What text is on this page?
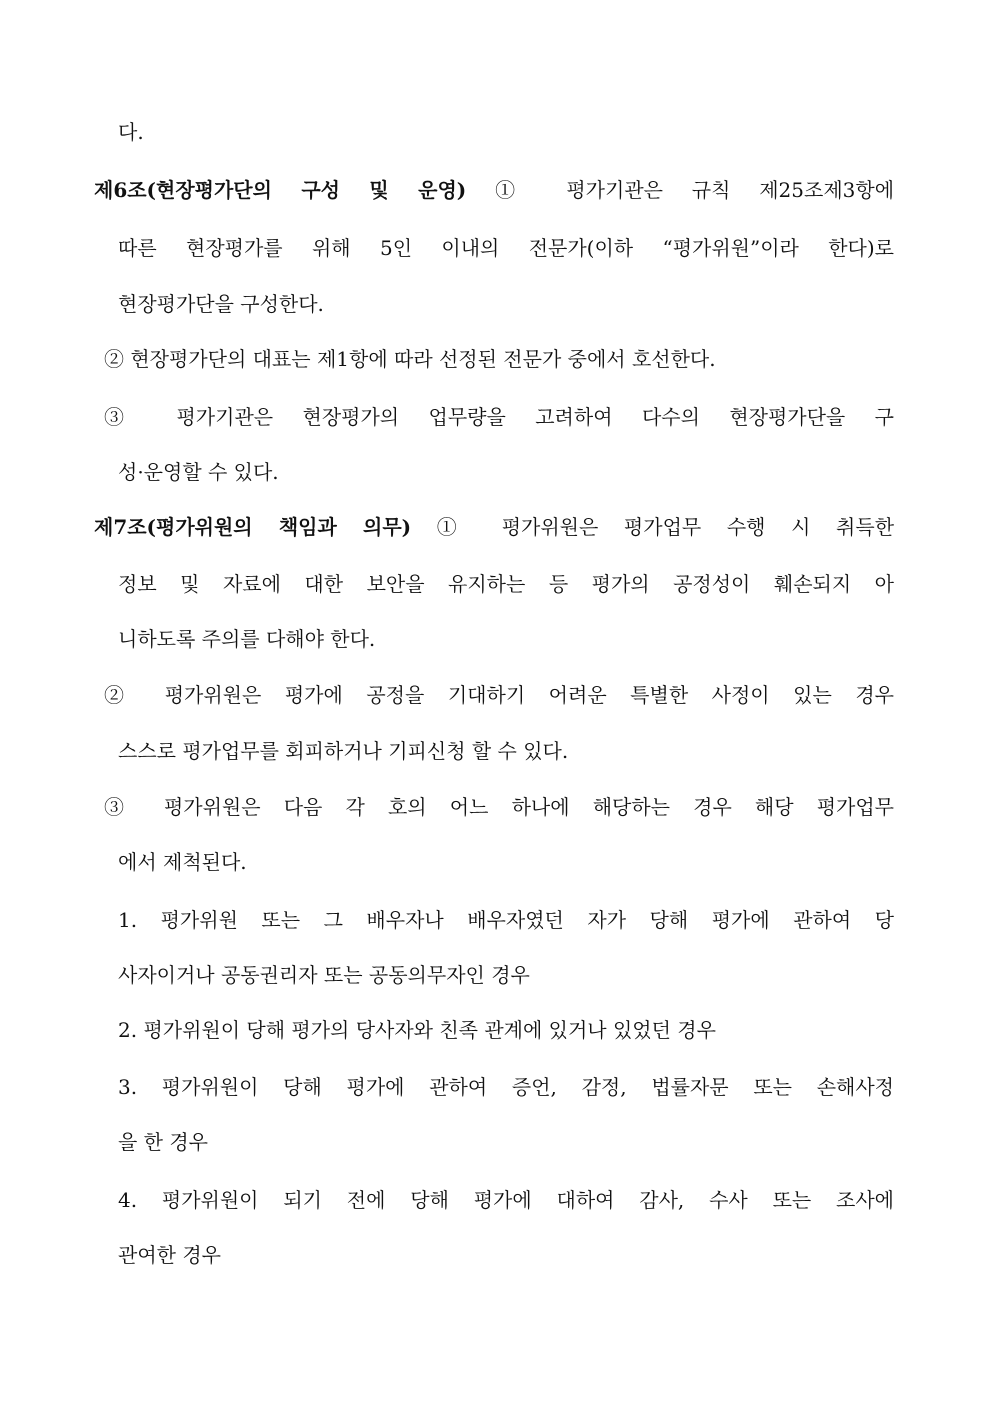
다.
제6조(현장평가단의 구성 및 운영) ① 평가기관은 규칙 제25조제3항에
따른 현장평가를 위해 5인 이내의 전문가(이하 “평가위원”이라 한다)로
현장평가단을 구성한다.
② 현장평가단의 대표는 제1항에 따라 선정된 전문가 중에서 호선한다.
③ 평가기관은 현장평가의 업무량을 고려하여 다수의 현장평가단을 구
성·운영할 수 있다.
제7조(평가위원의 책임과 의무) ① 평가위원은 평가업무 수행 시 취득한
정보 및 자료에 대한 보안을 유지하는 등 평가의 공정성이 훼손되지 아
니하도록 주의를 다해야 한다.
② 평가위원은 평가에 공정을 기대하기 어려운 특별한 사정이 있는 경우
스스로 평가업무를 회피하거나 기피신청 할 수 있다.
③ 평가위원은 다음 각 호의 어느 하나에 해당하는 경우 해당 평가업무
에서 제척된다.
1. 평가위원 또는 그 배우자나 배우자였던 자가 당해 평가에 관하여 당
사자이거나 공동권리자 또는 공동의무자인 경우
2. 평가위원이 당해 평가의 당사자와 친족 관계에 있거나 있었던 경우
3. 평가위원이 당해 평가에 관하여 증언, 감정, 법률자문 또는 손해사정
을 한 경우
4. 평가위원이 되기 전에 당해 평가에 대하여 감사, 수사 또는 조사에
관여한 경우
